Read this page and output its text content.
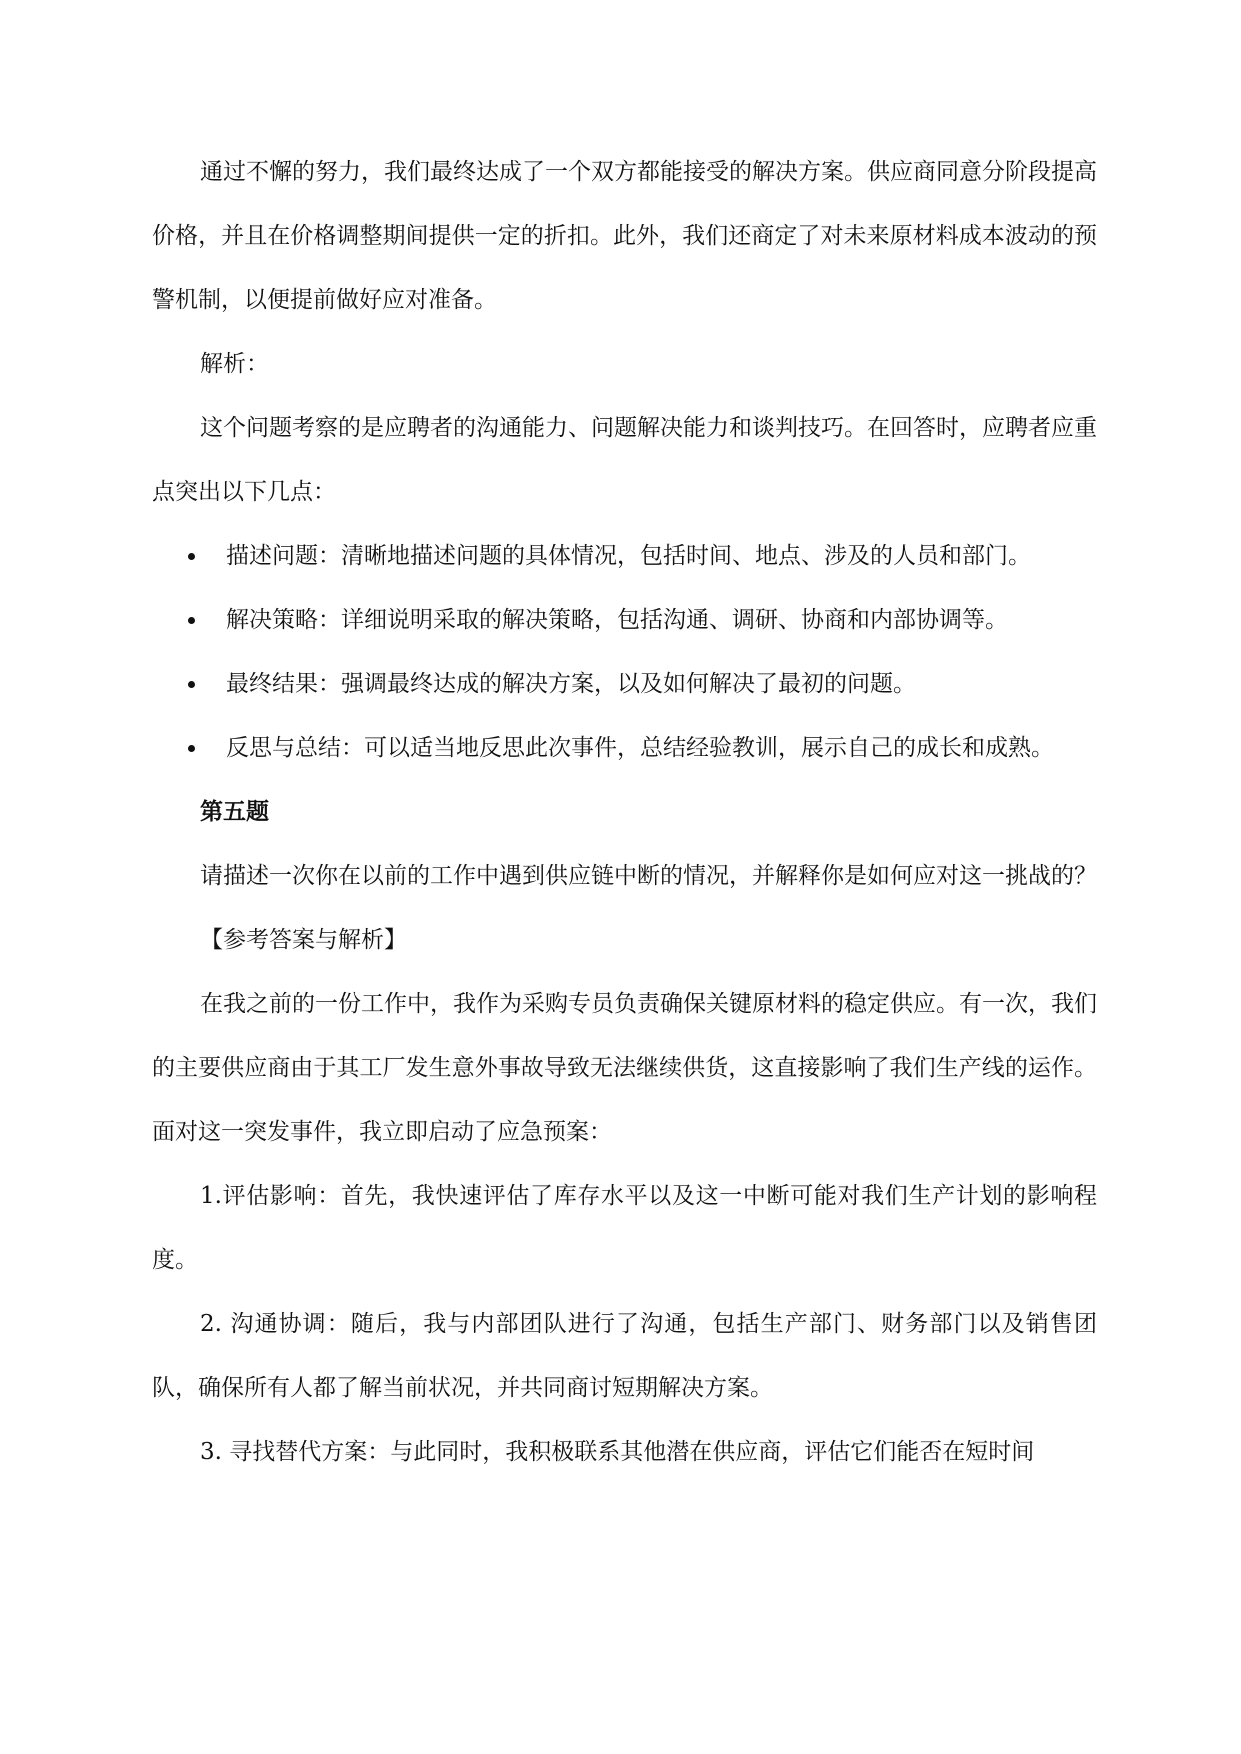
通过不懈的努力，我们最终达成了一个双方都能接受的解决方案。供应商同意分阶段提高价格，并且在价格调整期间提供一定的折扣。此外，我们还商定了对未来原材料成本波动的预警机制，以便提前做好应对准备。

解析：

这个问题考察的是应聘者的沟通能力、问题解决能力和谈判技巧。在回答时，应聘者应重点突出以下几点：

描述问题：清晰地描述问题的具体情况，包括时间、地点、涉及的人员和部门。
解决策略：详细说明采取的解决策略，包括沟通、调研、协商和内部协调等。
最终结果：强调最终达成的解决方案，以及如何解决了最初的问题。
反思与总结：可以适当地反思此次事件，总结经验教训，展示自己的成长和成熟。
第五题

请描述一次你在以前的工作中遇到供应链中断的情况，并解释你是如何应对这一挑战的？

【参考答案与解析】

在我之前的一份工作中，我作为采购专员负责确保关键原材料的稳定供应。有一次，我们的主要供应商由于其工厂发生意外事故导致无法继续供货，这直接影响了我们生产线的运作。面对这一突发事件，我立即启动了应急预案：

1.评估影响：首先，我快速评估了库存水平以及这一中断可能对我们生产计划的影响程度。

2. 沟通协调：随后，我与内部团队进行了沟通，包括生产部门、财务部门以及销售团队，确保所有人都了解当前状况，并共同商讨短期解决方案。

3. 寻找替代方案：与此同时，我积极联系其他潜在供应商，评估它们能否在短时间
